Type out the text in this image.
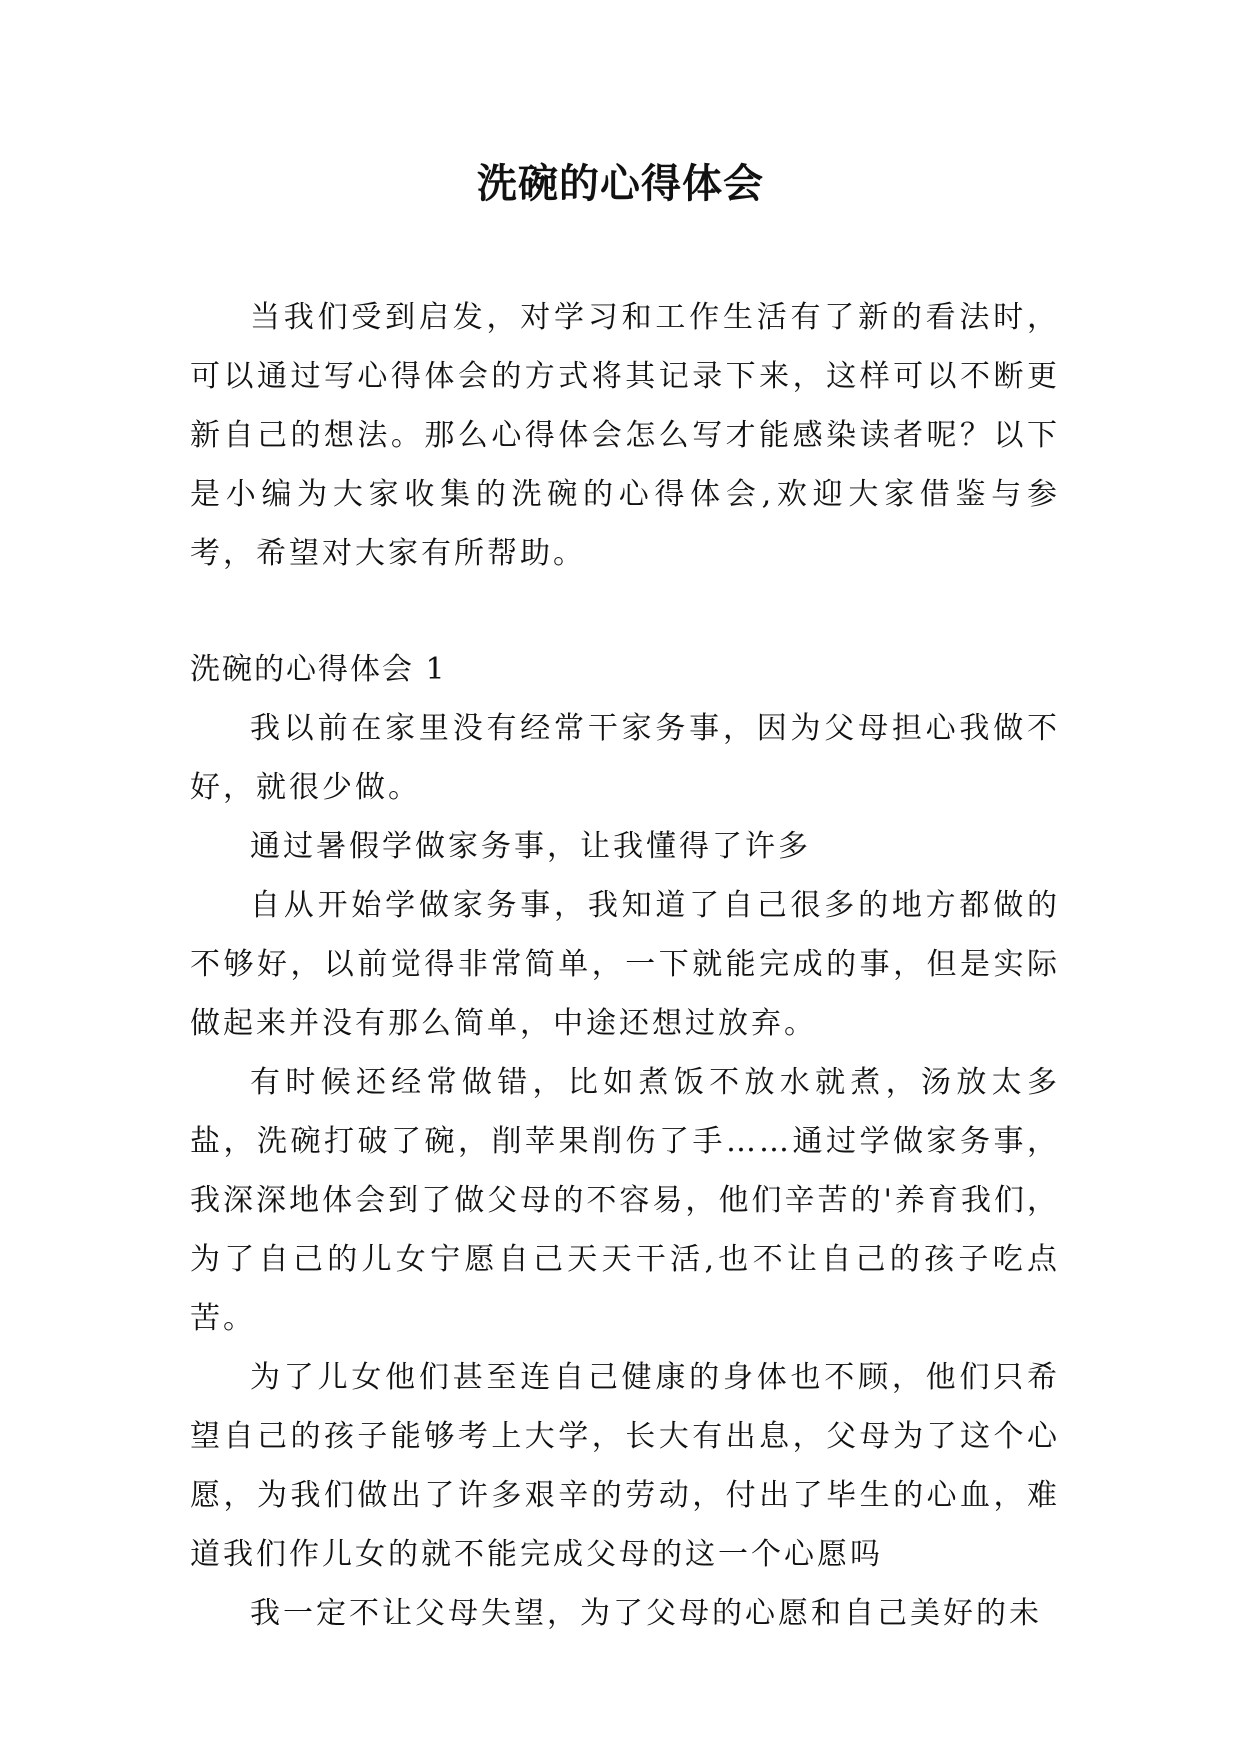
洗碗的心得体会

当我们受到启发，对学习和工作生活有了新的看法时，可以通过写心得体会的方式将其记录下来，这样可以不断更新自己的想法。那么心得体会怎么写才能感染读者呢？以下是小编为大家收集的洗碗的心得体会,欢迎大家借鉴与参考，希望对大家有所帮助。

洗碗的心得体会 1

我以前在家里没有经常干家务事，因为父母担心我做不好，就很少做。

通过暑假学做家务事，让我懂得了许多

自从开始学做家务事，我知道了自己很多的地方都做的不够好，以前觉得非常简单，一下就能完成的事，但是实际做起来并没有那么简单，中途还想过放弃。

有时候还经常做错，比如煮饭不放水就煮，汤放太多盐，洗碗打破了碗，削苹果削伤了手……通过学做家务事，我深深地体会到了做父母的不容易，他们辛苦的'养育我们，为了自己的儿女宁愿自己天天干活,也不让自己的孩子吃点苦。

为了儿女他们甚至连自己健康的身体也不顾，他们只希望自己的孩子能够考上大学，长大有出息，父母为了这个心愿，为我们做出了许多艰辛的劳动，付出了毕生的心血，难道我们作儿女的就不能完成父母的这一个心愿吗

我一定不让父母失望，为了父母的心愿和自己美好的未
